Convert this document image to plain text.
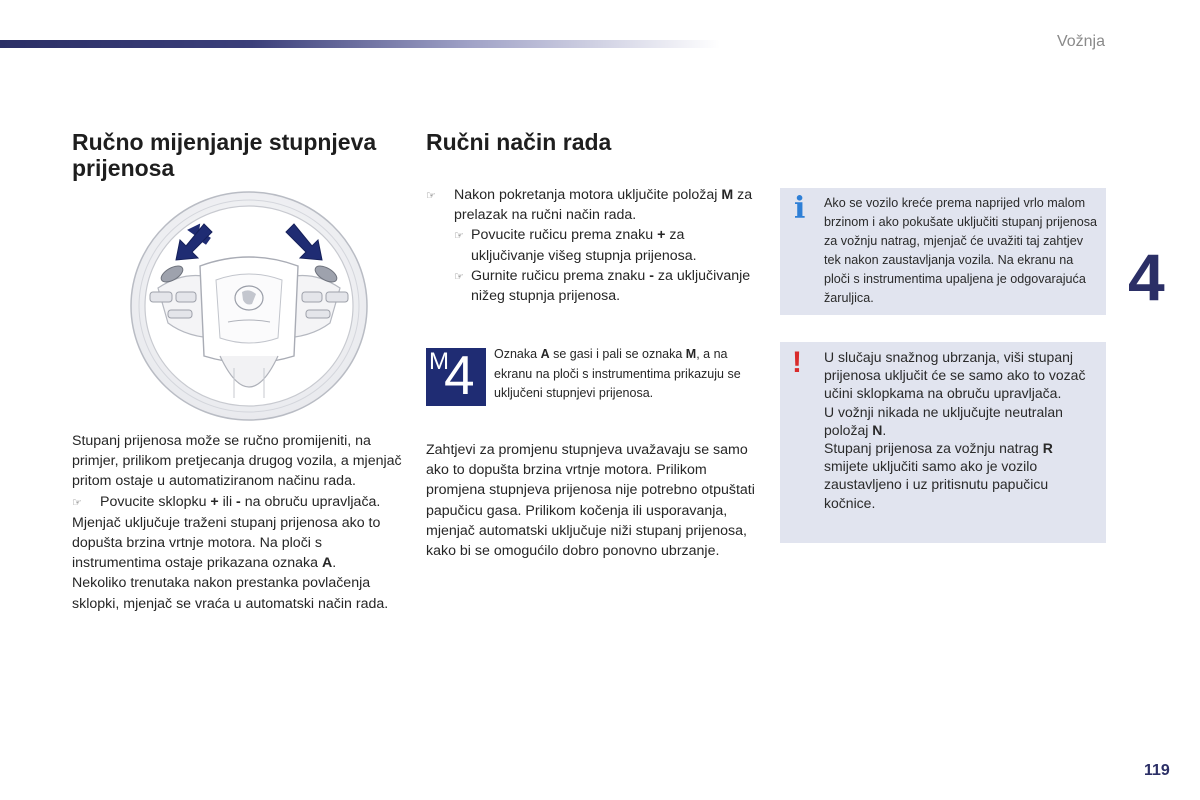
Vožnja
4
119
Ručno mijenjanje stupnjeva prijenosa
Stupanj prijenosa može se ručno promijeniti, na primjer, prilikom pretjecanja drugog vozila, a mjenjač pritom ostaje u automatiziranom načinu rada.
☞	Povucite sklopku + ili - na obruču upravljača.
Mjenjač uključuje traženi stupanj prijenosa ako to dopušta brzina vrtnje motora. Na ploči s instrumentima ostaje prikazana oznaka A.
Nekoliko trenutaka nakon prestanka povlačenja sklopki, mjenjač se vraća u automatski način rada.
Ručni način rada
☞	Nakon pokretanja motora uključite položaj M za prelazak na ručni način rada.
☞ Povucite ručicu prema znaku + za uključivanje višeg stupnja prijenosa.
☞ Gurnite ručicu prema znaku - za uključivanje nižeg stupnja prijenosa.
M
4 Oznaka A se gasi i pali se oznaka M, a na ekranu na ploči s instrumentima prikazuju se uključeni stupnjevi prijenosa.
Zahtjevi za promjenu stupnjeva uvažavaju se samo ako to dopušta brzina vrtnje motora. Prilikom promjena stupnjeva prijenosa nije potrebno otpuštati papučicu gasa. Prilikom kočenja ili usporavanja, mjenjač automatski uključuje niži stupanj prijenosa, kako bi se omogućilo dobro ponovno ubrzanje.
i Ako se vozilo kreće prema naprijed vrlo malom brzinom i ako pokušate uključiti stupanj prijenosa za vožnju natrag, mjenjač će uvažiti taj zahtjev tek nakon zaustavljanja vozila. Na ekranu na ploči s instrumentima upaljena je odgovarajuća žaruljica.
! U slučaju snažnog ubrzanja, viši stupanj prijenosa uključit će se samo ako to vozač učini sklopkama na obruču upravljača.
U vožnji nikada ne uključujte neutralan položaj N.
Stupanj prijenosa za vožnju natrag R smijete uključiti samo ako je vozilo zaustavljeno i uz pritisnutu papučicu kočnice.
